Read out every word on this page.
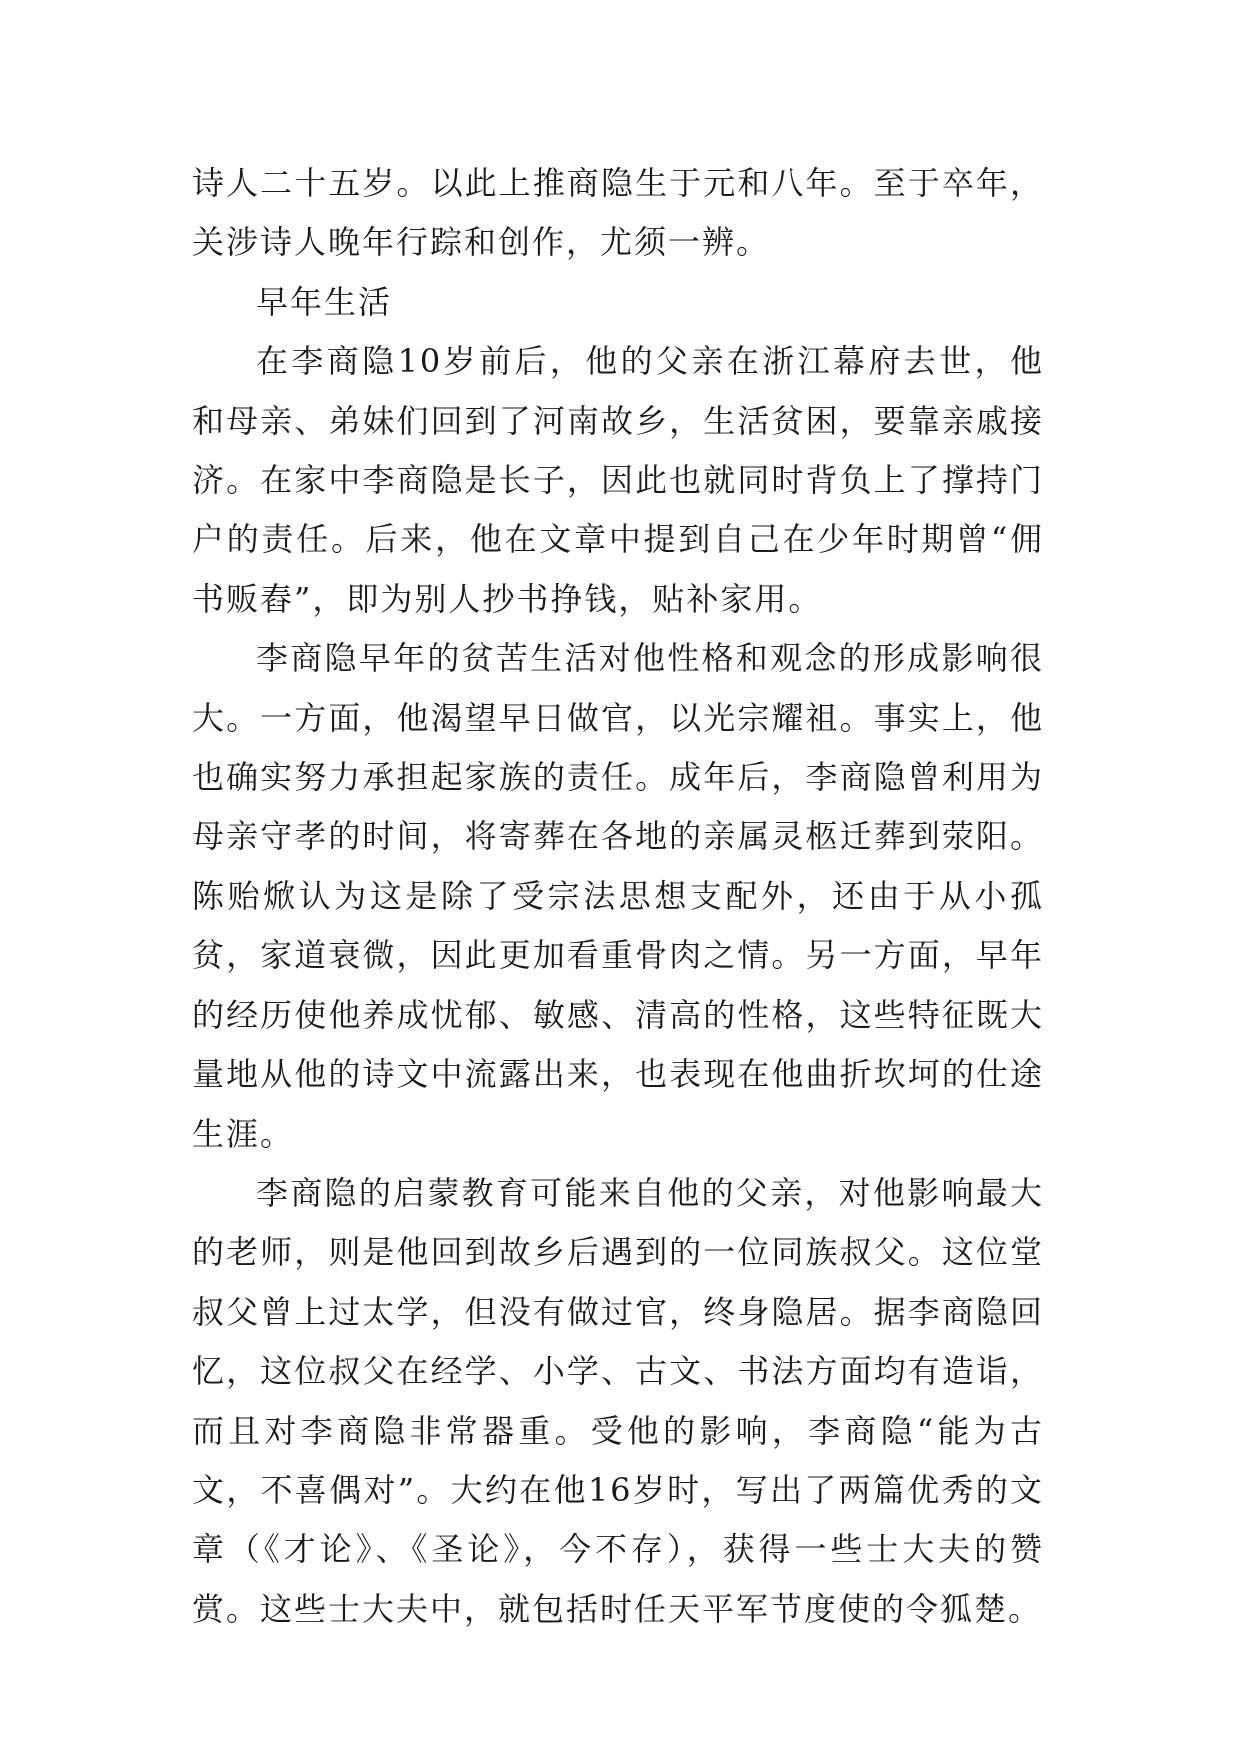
诗人二十五岁。以此上推商隐生于元和八年。至于卒年，关涉诗人晚年行踪和创作，尤须一辨。

早年生活

在李商隐10岁前后，他的父亲在浙江幕府去世，他和母亲、弟妹们回到了河南故乡，生活贫困，要靠亲戚接济。在家中李商隐是长子，因此也就同时背负上了撑持门户的责任。后来，他在文章中提到自己在少年时期曾“佣书贩舂”，即为别人抄书挣钱，贴补家用。

李商隐早年的贫苦生活对他性格和观念的形成影响很大。一方面，他渴望早日做官，以光宗耀祖。事实上，他也确实努力承担起家族的责任。成年后，李商隐曾利用为母亲守孝的时间，将寄葬在各地的亲属灵柩迁葬到荥阳。陈贻焮认为这是除了受宗法思想支配外，还由于从小孤贫，家道衰微，因此更加看重骨肉之情。另一方面，早年的经历使他养成忧郁、敏感、清高的性格，这些特征既大量地从他的诗文中流露出来，也表现在他曲折坎坷的仕途生涯。

李商隐的启蒙教育可能来自他的父亲，对他影响最大的老师，则是他回到故乡后遇到的一位同族叔父。这位堂叔父曾上过太学，但没有做过官，终身隐居。据李商隐回忆，这位叔父在经学、小学、古文、书法方面均有造诣，而且对李商隐非常器重。受他的影响，李商隐“能为古文，不喜偶对”。大约在他16岁时，写出了两篇优秀的文章（《才论》、《圣论》，今不存），获得一些士大夫的赞赏。这些士大夫中，就包括时任天平军节度使的令狐楚。
